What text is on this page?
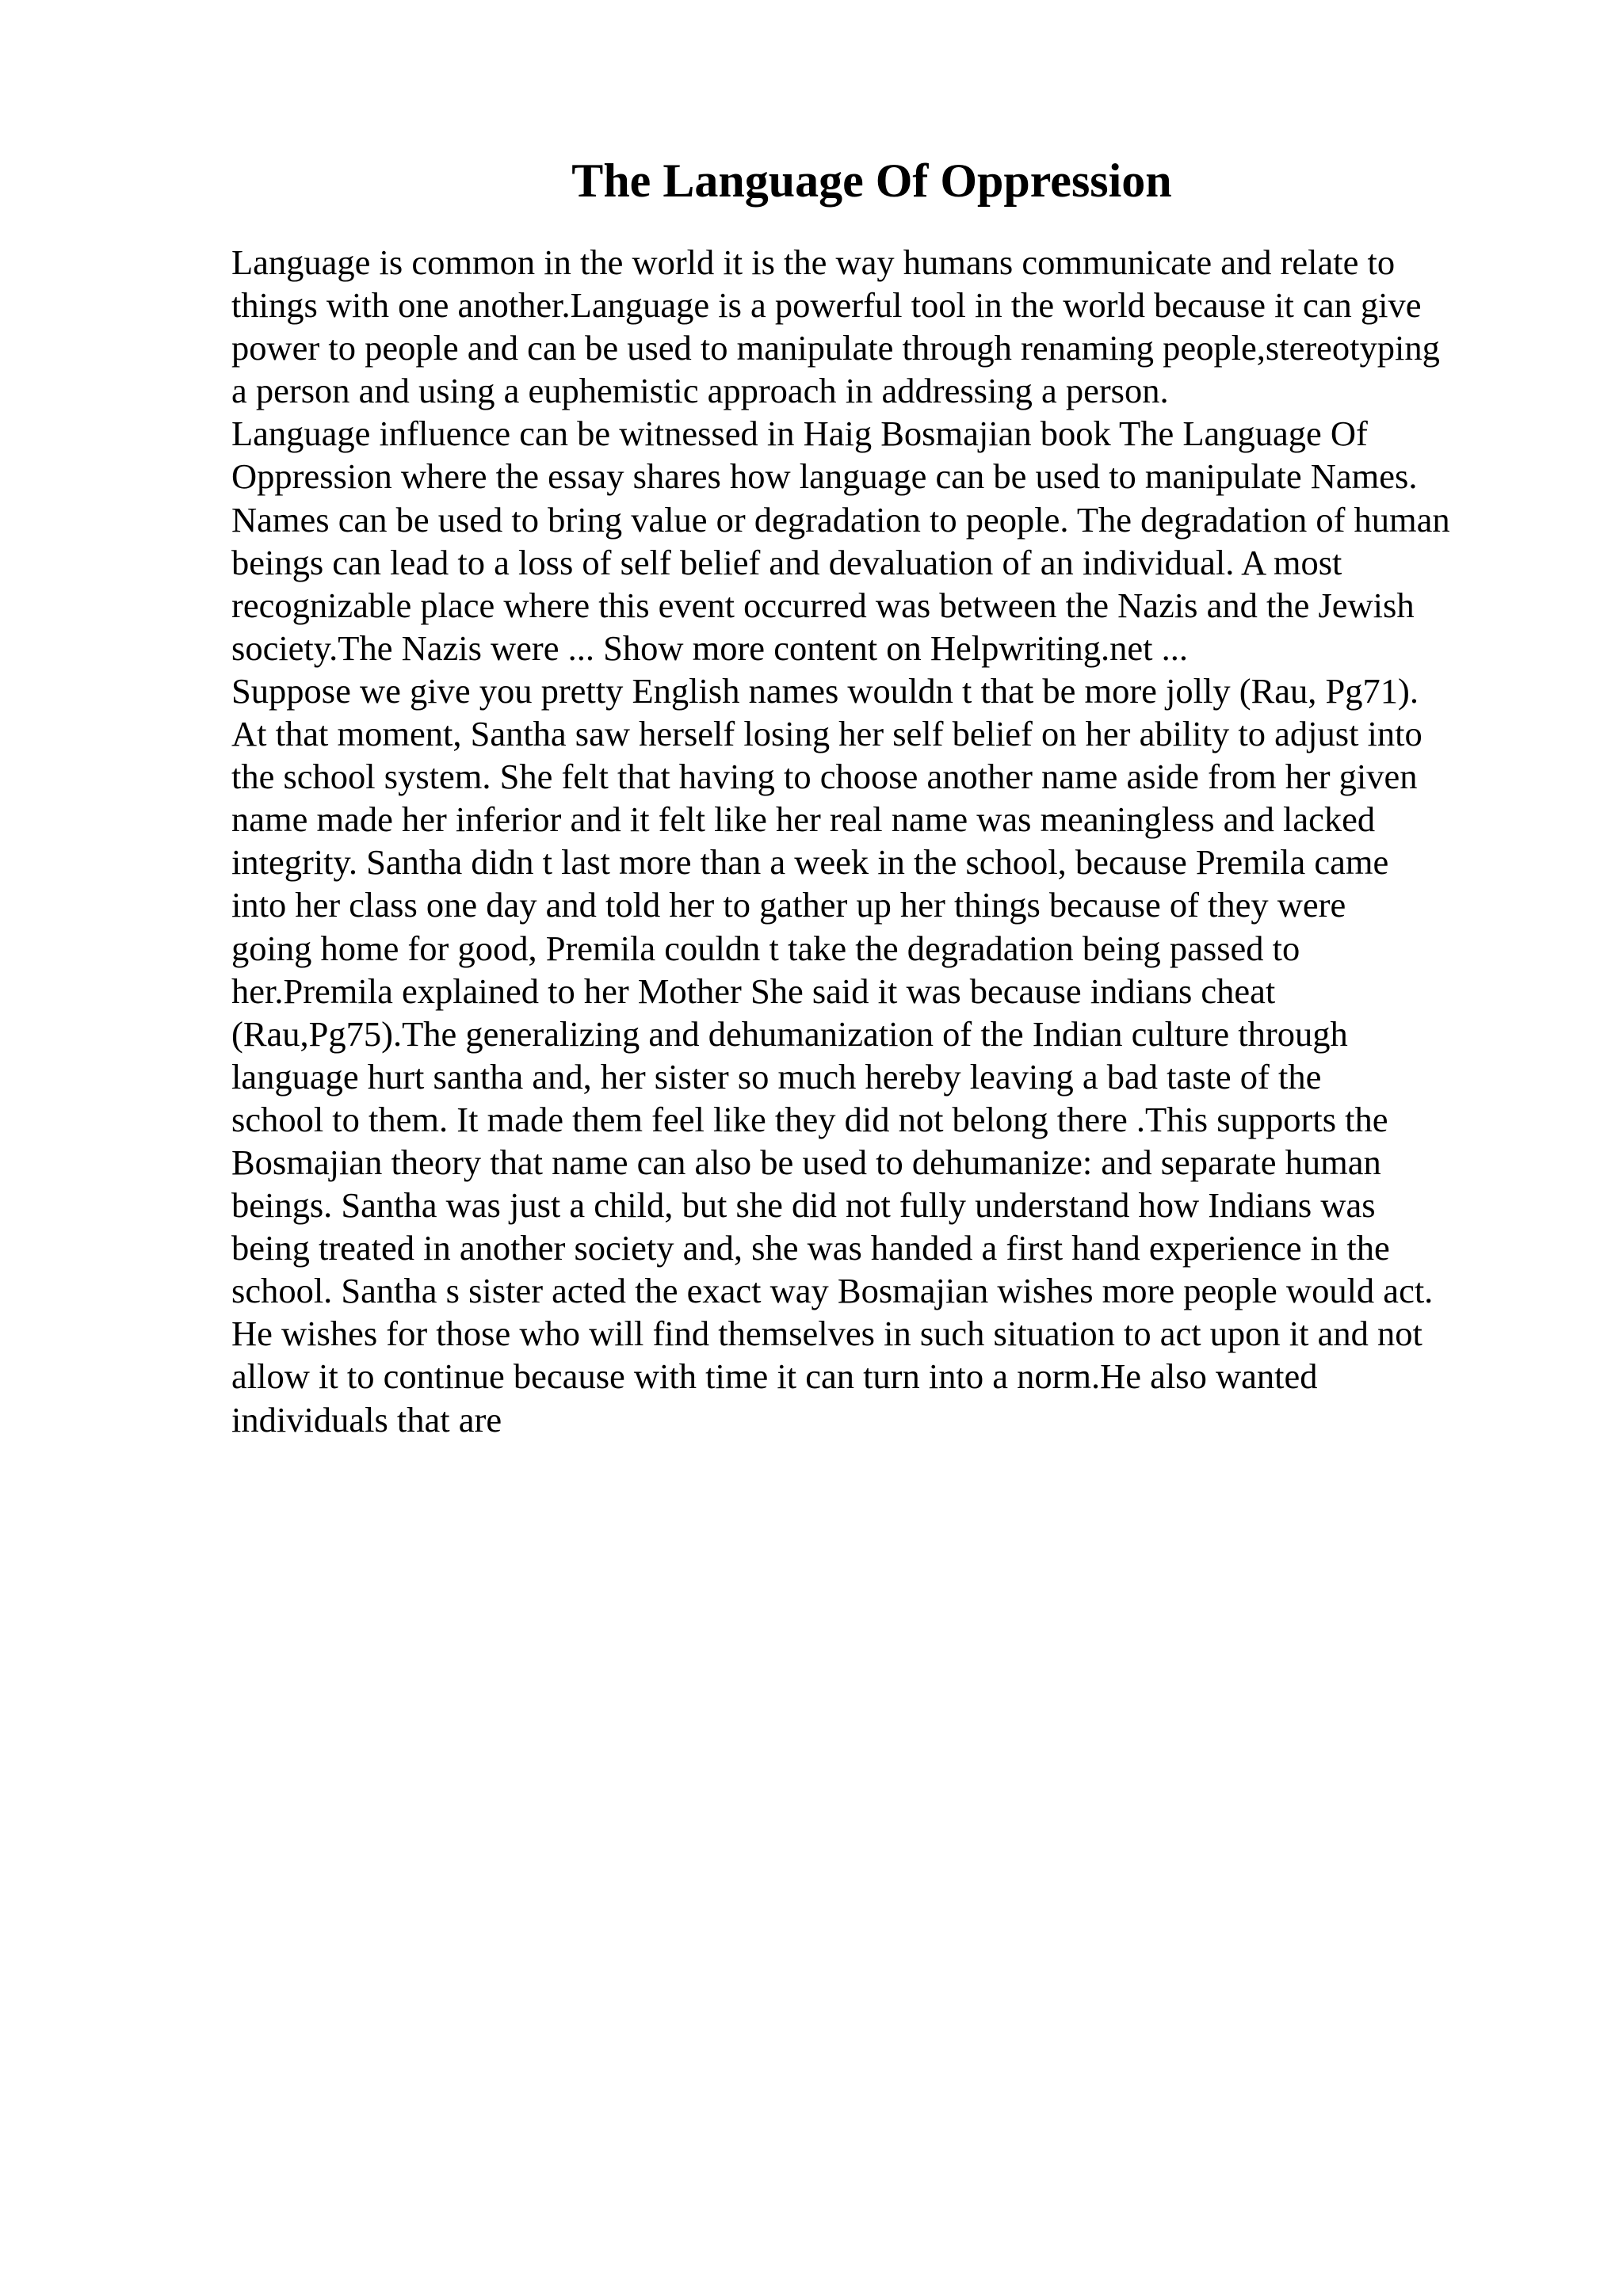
The Language Of Oppression
Language is common in the world it is the way humans communicate and relate to
things with one another.Language is a powerful tool in the world because it can give
power to people and can be used to manipulate through renaming people,stereotyping
a person and using a euphemistic approach in addressing a person.
Language influence can be witnessed in Haig Bosmajian book The Language Of
Oppression where the essay shares how language can be used to manipulate Names.
Names can be used to bring value or degradation to people. The degradation of human
beings can lead to a loss of self belief and devaluation of an individual. A most
recognizable place where this event occurred was between the Nazis and the Jewish
society.The Nazis were ... Show more content on Helpwriting.net ...
Suppose we give you pretty English names wouldn t that be more jolly (Rau, Pg71).
At that moment, Santha saw herself losing her self belief on her ability to adjust into
the school system. She felt that having to choose another name aside from her given
name made her inferior and it felt like her real name was meaningless and lacked
integrity. Santha didn t last more than a week in the school, because Premila came
into her class one day and told her to gather up her things because of they were
going home for good, Premila couldn t take the degradation being passed to
her.Premila explained to her Mother She said it was because indians cheat
(Rau,Pg75).The generalizing and dehumanization of the Indian culture through
language hurt santha and, her sister so much hereby leaving a bad taste of the
school to them. It made them feel like they did not belong there .This supports the
Bosmajian theory that name can also be used to dehumanize: and separate human
beings. Santha was just a child, but she did not fully understand how Indians was
being treated in another society and, she was handed a first hand experience in the
school. Santha s sister acted the exact way Bosmajian wishes more people would act.
He wishes for those who will find themselves in such situation to act upon it and not
allow it to continue because with time it can turn into a norm.He also wanted
individuals that are
